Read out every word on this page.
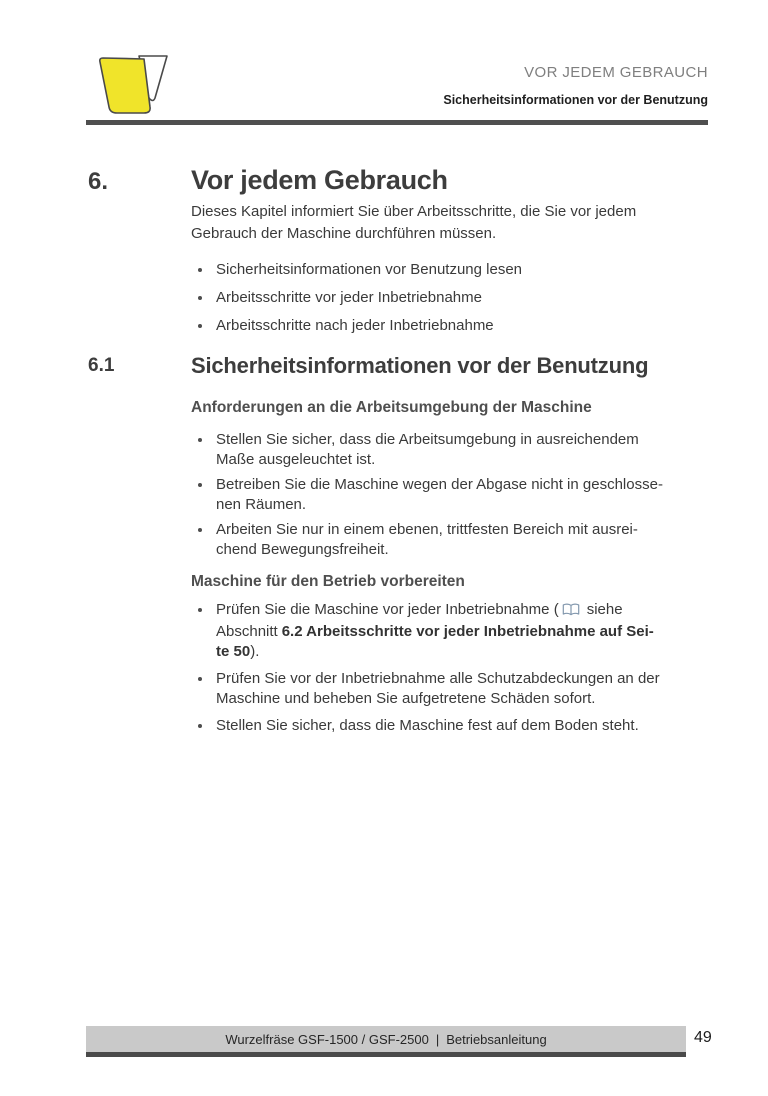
VOR JEDEM GEBRAUCH
Sicherheitsinformationen vor der Benutzung
6.	Vor jedem Gebrauch
Dieses Kapitel informiert Sie über Arbeitsschritte, die Sie vor jedem
Gebrauch der Maschine durchführen müssen.
Sicherheitsinformationen vor Benutzung lesen
Arbeitsschritte vor jeder Inbetriebnahme
Arbeitsschritte nach jeder Inbetriebnahme
6.1	Sicherheitsinformationen vor der Benutzung
Anforderungen an die Arbeitsumgebung der Maschine
Stellen Sie sicher, dass die Arbeitsumgebung in ausreichendem
Maße ausgeleuchtet ist.
Betreiben Sie die Maschine wegen der Abgase nicht in geschlosse-
nen Räumen.
Arbeiten Sie nur in einem ebenen, trittfesten Bereich mit ausrei-
chend Bewegungsfreiheit.
Maschine für den Betrieb vorbereiten
Prüfen Sie die Maschine vor jeder Inbetriebnahme ( siehe
Abschnitt 6.2 Arbeitsschritte vor jeder Inbetriebnahme auf Sei-
te 50).
Prüfen Sie vor der Inbetriebnahme alle Schutzabdeckungen an der
Maschine und beheben Sie aufgetretene Schäden sofort.
Stellen Sie sicher, dass die Maschine fest auf dem Boden steht.
Wurzelfräse GSF-1500 / GSF-2500 | Betriebsanleitung	49
